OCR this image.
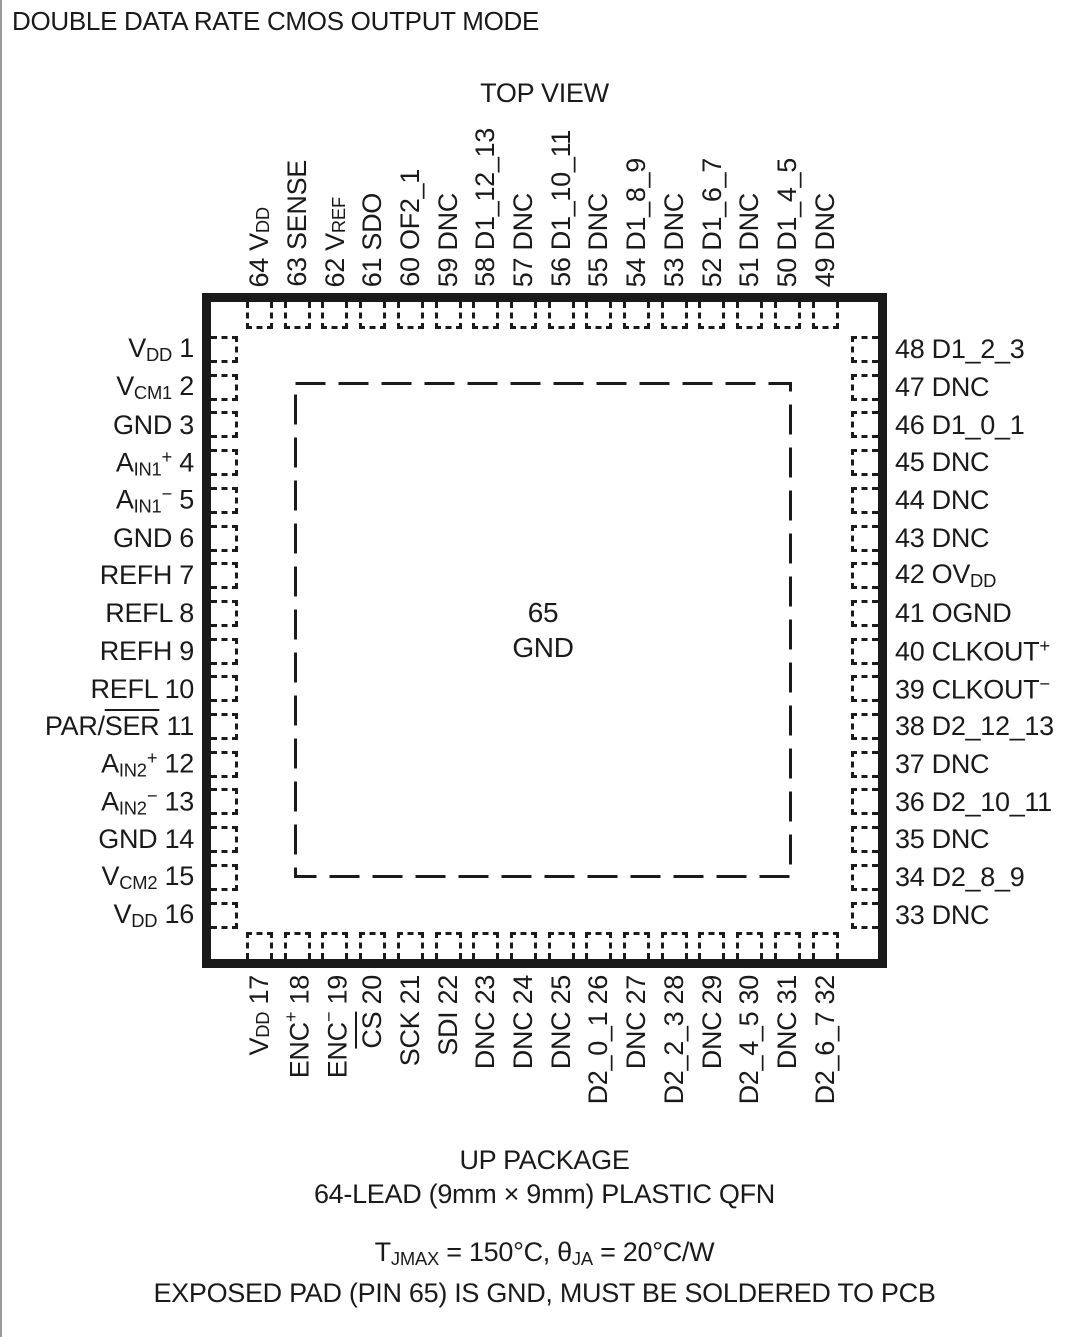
DOUBLE DATA RATE CMOS OUTPUT MODE
TOP VIEW
64 $V_{DD}$ 63 SENSE 62 $V_{REF}$ 61 SDO 60 OF2_1 59 DNC 58 D1_12_13 57 DNC 56 D1_10_11 55 DNC 54 D1_8_9 53 DNC 52 D1_6_7 51 DNC 50 D1_4_5 49 DNC
65
GND
$V_{DD}$ 1
$V_{CM1}$ 2
GND 3
$A_{IN1}^+$ 4
$A_{IN1}^-$ 5
GND 6
REFH 7
REFL 8
REFH 9
REFL 10
PAR/$\overline{SER}$ 11
$A_{IN2}^+$ 12
$A_{IN2}^-$ 13
GND 14
$V_{CM2}$ 15
$V_{DD}$ 16
48 D1_2_3
47 DNC
46 D1_0_1
45 DNC
44 DNC
43 DNC
42 $OV_{DD}$
41 OGND
40 CLKOUT+
39 CLKOUT−
38 D2_12_13
37 DNC
36 D2_10_11
35 DNC
34 D2_8_9
33 DNC
$V_{DD}$ 17
ENC+ 18
ENC− 19
CS 20 SCK 21 SDI 22 DNC 23 DNC 24 DNC 25 D2_0_1 26 DNC 27 D2_2_3 28 DNC 29 D2_4_5 30 DNC 31 D2_6_7 32
UP PACKAGE
64-LEAD (9mm × 9mm) PLASTIC QFN
$T_{JMAX} = 150^\circ C$, $\theta_{JA} = 20^\circ C/W$
EXPOSED PAD (PIN 65) IS GND, MUST BE SOLDERED TO PCB
